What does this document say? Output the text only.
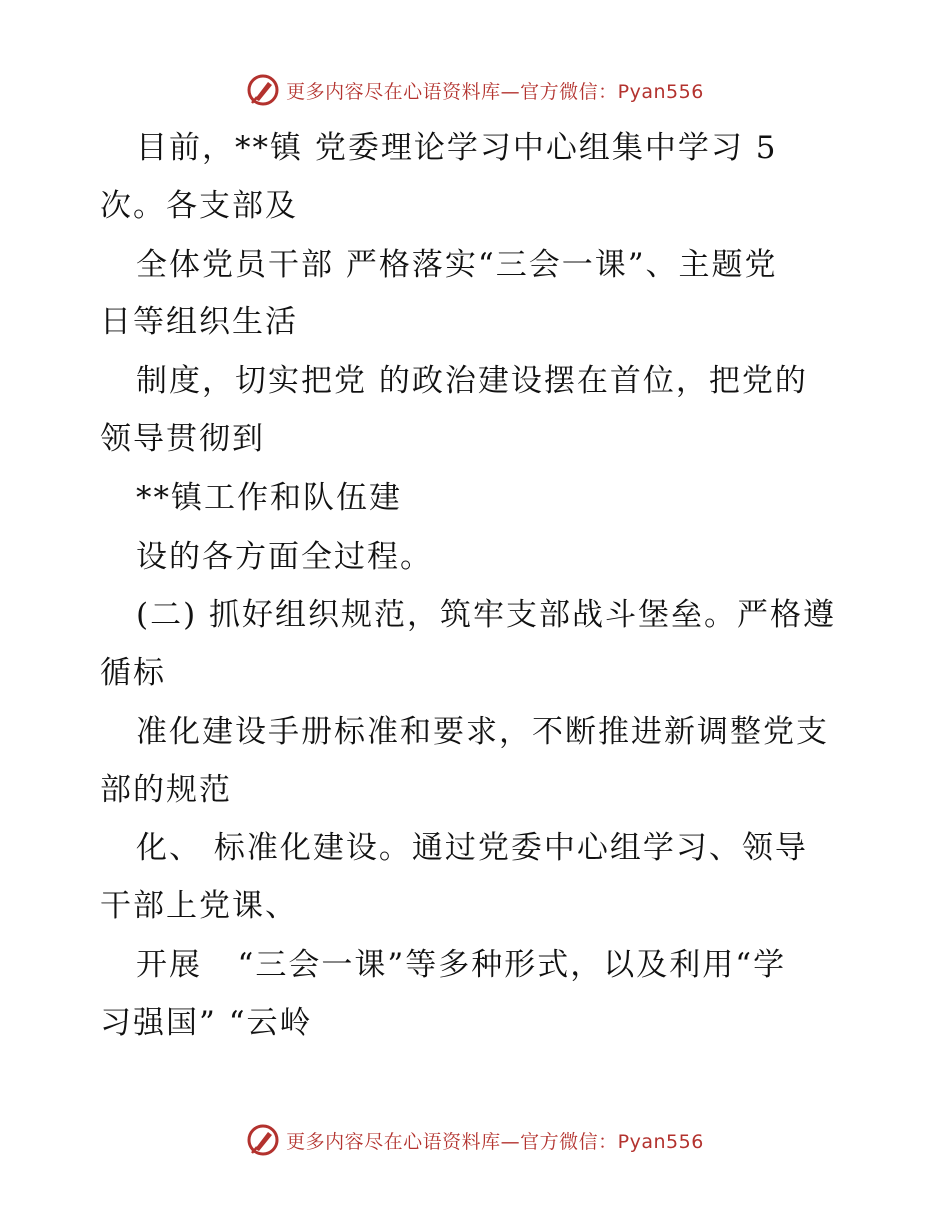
更多内容尽在心语资料库—官方微信：Pyan556
目前，**镇 党委理论学习中心组集中学习 5
次。各支部及
全体党员干部 严格落实“三会一课”、主题党
日等组织生活
制度，切实把党 的政治建设摆在首位，把党的
领导贯彻到
**镇工作和队伍建
设的各方面全过程。
(二) 抓好组织规范，筑牢支部战斗堡垒。严格遵
循标
准化建设手册标准和要求，不断推进新调整党支
部的规范
化、 标准化建设。通过党委中心组学习、领导
干部上党课、
开展   “三会一课”等多种形式，以及利用“学
习强国” “云岭
更多内容尽在心语资料库—官方微信：Pyan556
